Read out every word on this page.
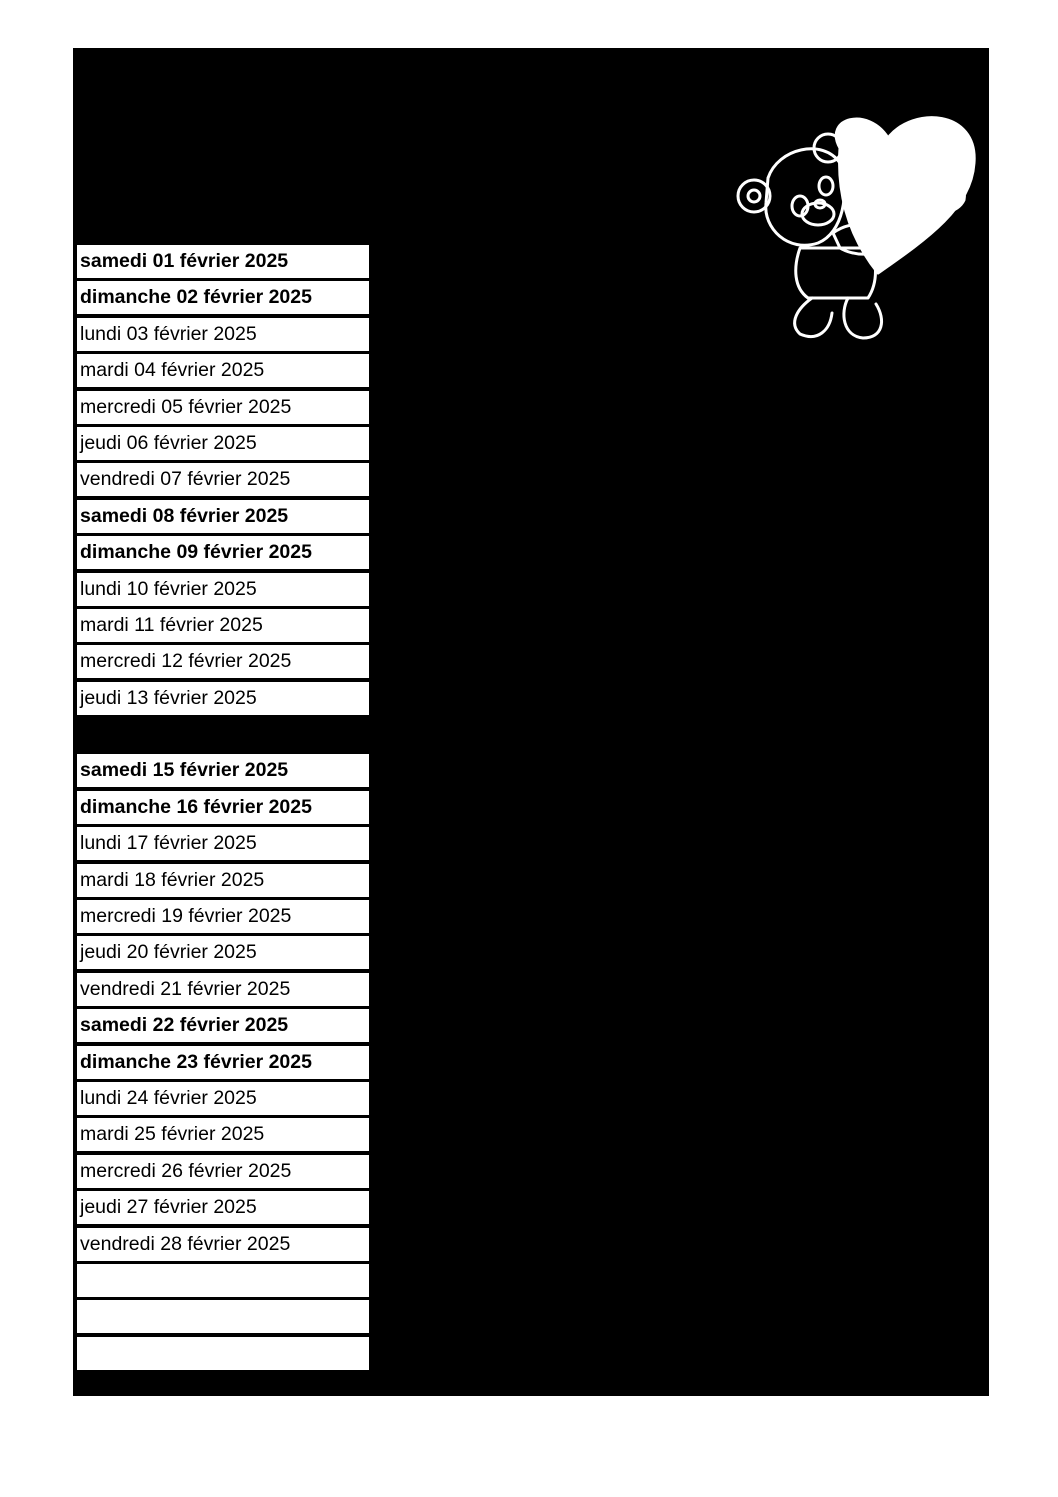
samedi 01 février 2025
dimanche 02 février 2025
lundi 03 février 2025
mardi 04 février 2025
mercredi 05 février 2025
jeudi 06 février 2025
vendredi 07 février 2025
samedi 08 février 2025
dimanche 09 février 2025
lundi 10 février 2025
mardi 11 février 2025
mercredi 12 février 2025
jeudi 13 février 2025
samedi 15 février 2025
dimanche 16 février 2025
lundi 17 février 2025
mardi 18 février 2025
mercredi 19 février 2025
jeudi 20 février 2025
vendredi 21 février 2025
samedi 22 février 2025
dimanche 23 février 2025
lundi 24 février 2025
mardi 25 février 2025
mercredi 26 février 2025
jeudi 27 février 2025
vendredi 28 février 2025
